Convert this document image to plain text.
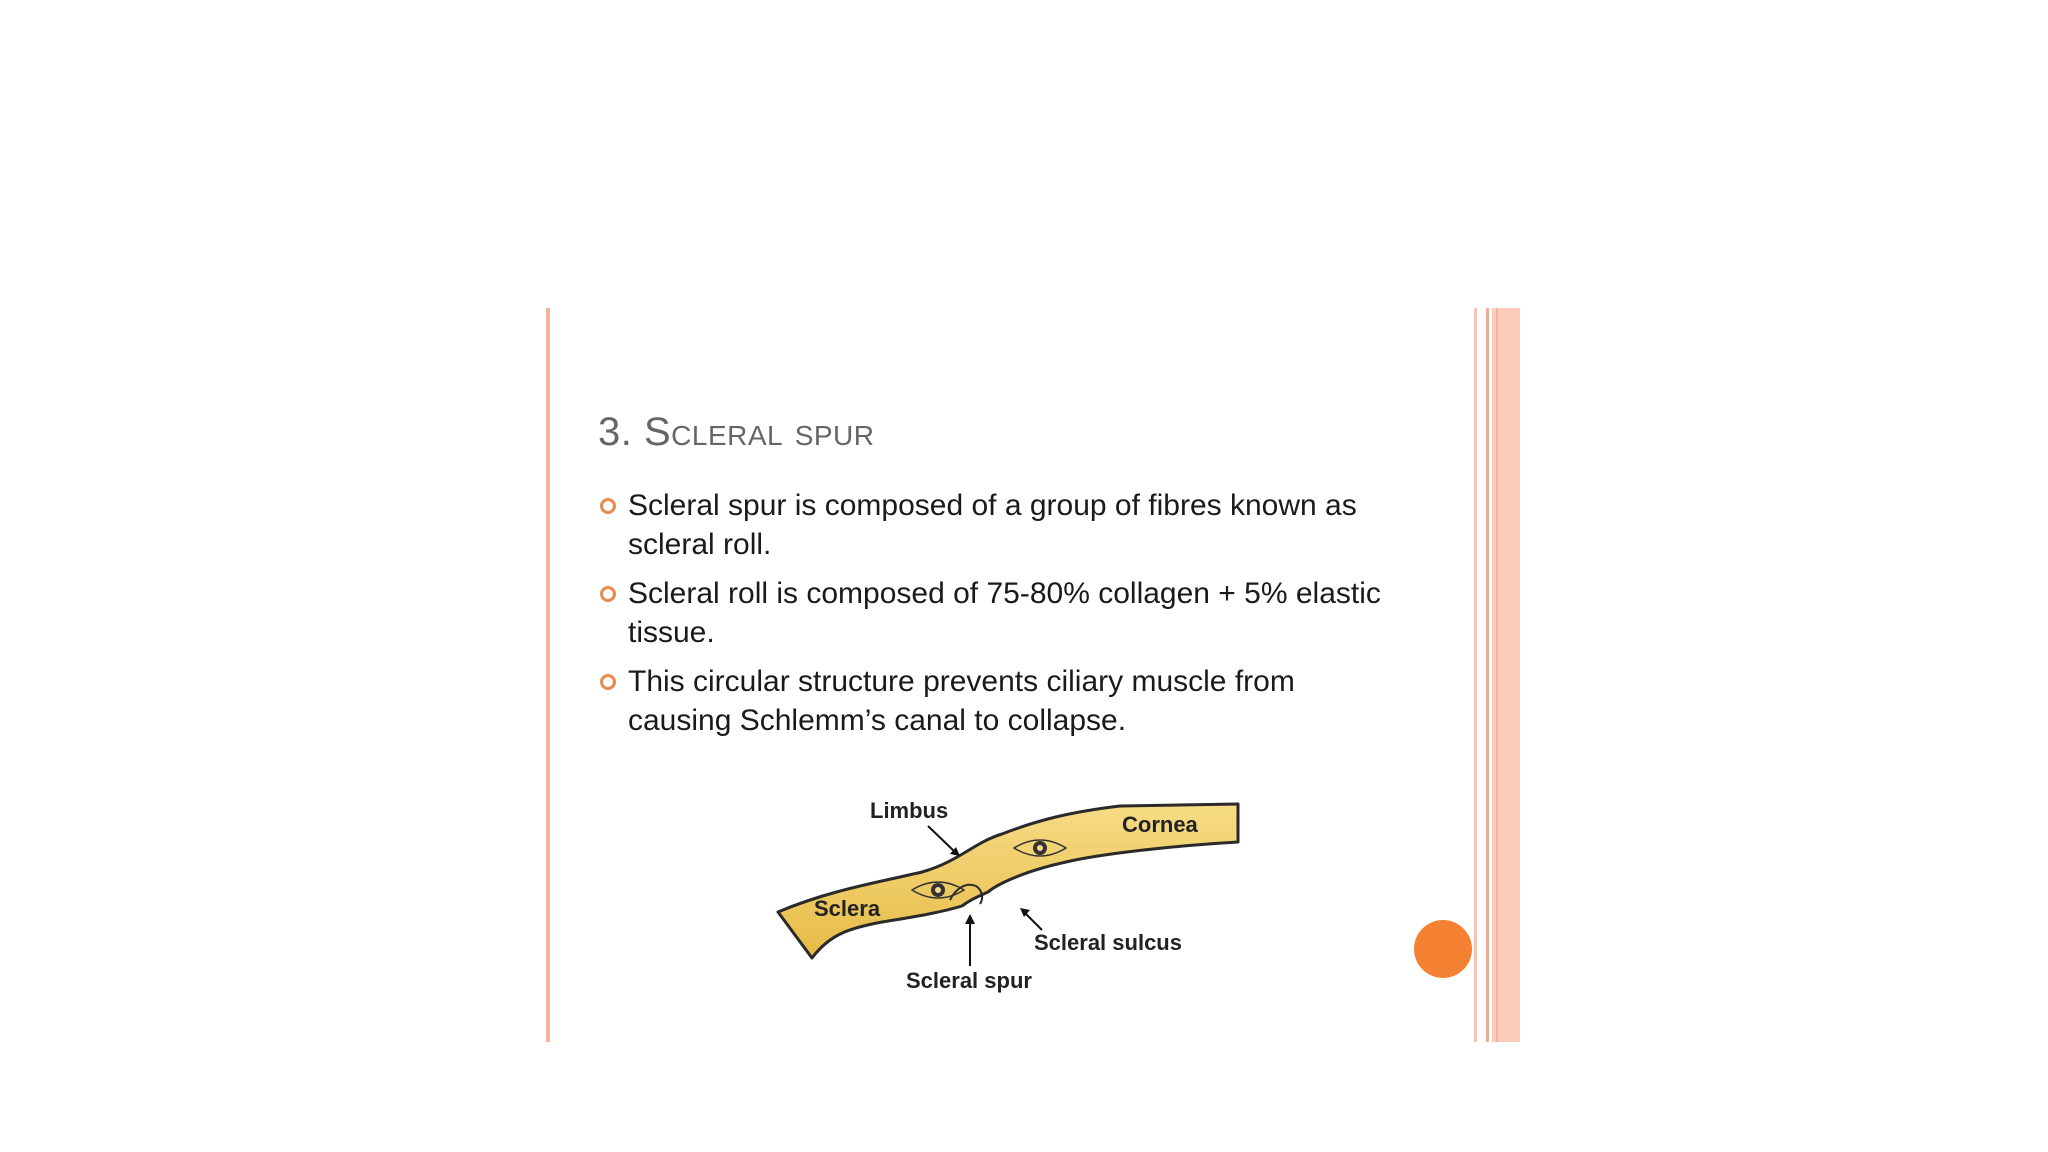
3. Scleral spur
Scleral spur is composed of a group of fibres known as scleral roll.
Scleral roll is composed of 75-80% collagen + 5% elastic tissue.
This circular structure prevents ciliary muscle from causing Schlemm’s canal to collapse.
Limbus
Cornea
Sclera
Scleral sulcus
Scleral spur
